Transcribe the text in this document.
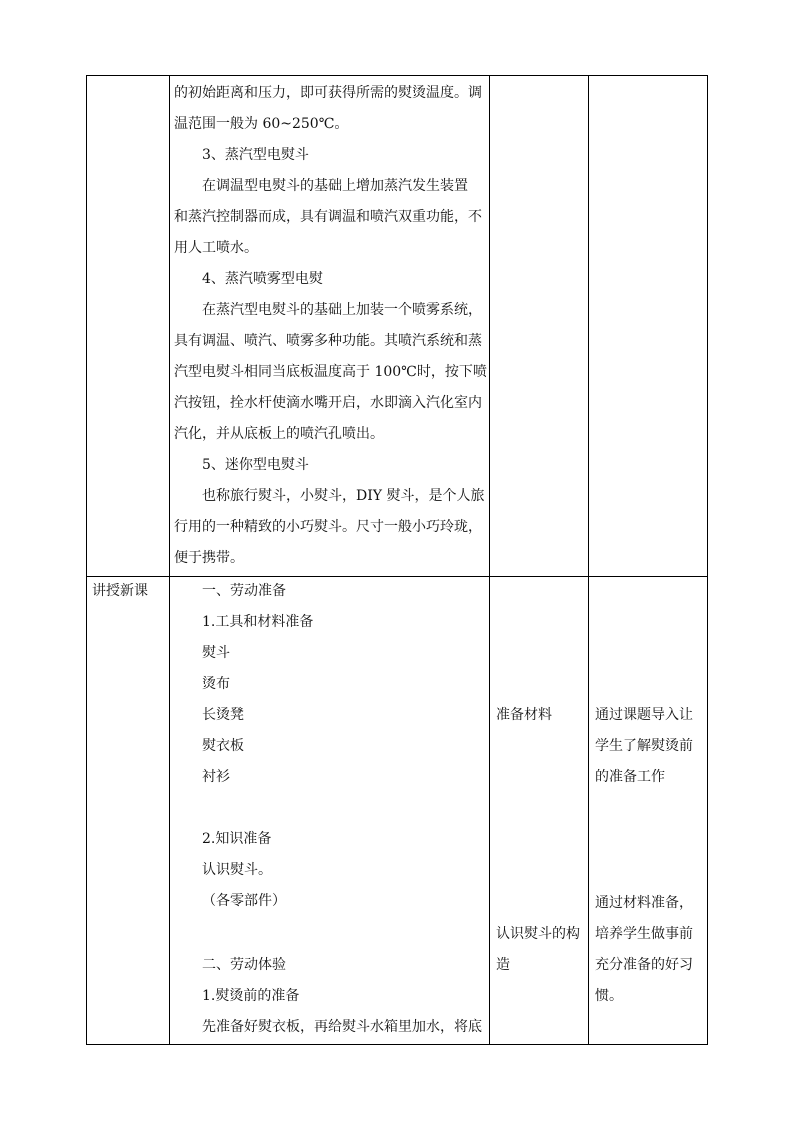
的初始距离和压力，即可获得所需的熨烫温度。调
温范围一般为 60~250℃。
3、蒸汽型电熨斗
在调温型电熨斗的基础上增加蒸汽发生装置
和蒸汽控制器而成，具有调温和喷汽双重功能，不
用人工喷水。
4、蒸汽喷雾型电熨
在蒸汽型电熨斗的基础上加装一个喷雾系统，
具有调温、喷汽、喷雾多种功能。其喷汽系统和蒸
汽型电熨斗相同当底板温度高于 100℃时，按下喷
汽按钮，拴水杆使滴水嘴开启，水即滴入汽化室内
汽化，并从底板上的喷汽孔喷出。
5、迷你型电熨斗
也称旅行熨斗，小熨斗，DIY 熨斗，是个人旅
行用的一种精致的小巧熨斗。尺寸一般小巧玲珑，
便于携带。
讲授新课	一、劳动准备
1.工具和材料准备
熨斗
烫布
长烫凳
熨衣板
衬衫
2.知识准备
认识熨斗。
（各零部件）
二、劳动体验
1.熨烫前的准备
先准备好熨衣板，再给熨斗水箱里加水，将底
准备材料
认识熨斗的构
造
通过课题导入让
学生了解熨烫前
的准备工作
通过材料准备，
培养学生做事前
充分准备的好习
惯。
